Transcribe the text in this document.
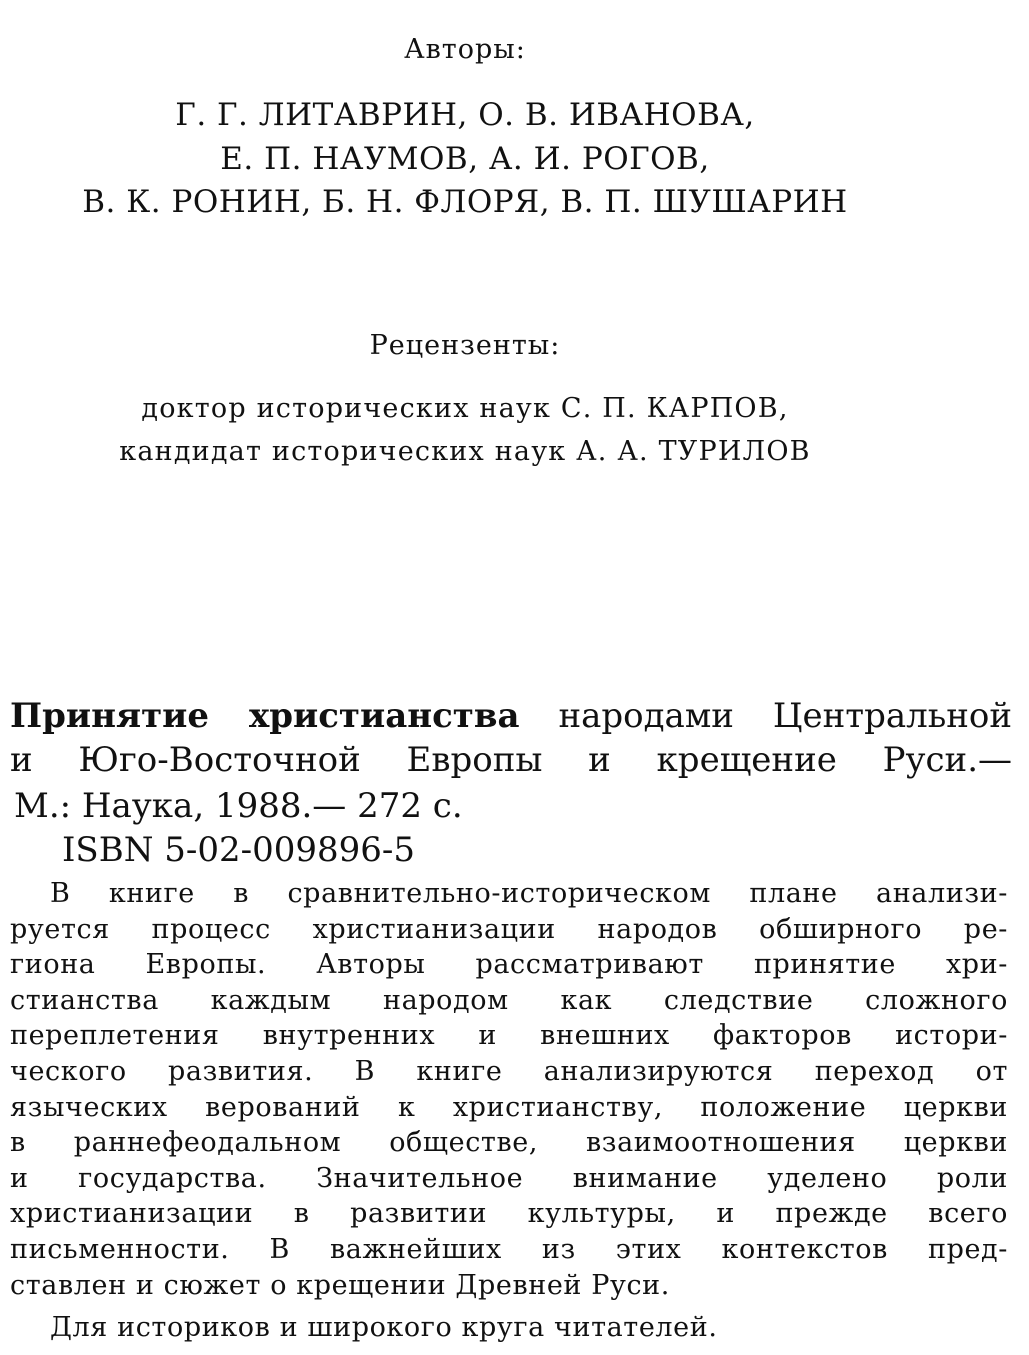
Авторы:
Г. Г. ЛИТАВРИН, О. В. ИВАНОВА,
Е. П. НАУМОВ, А. И. РОГОВ,
В. К. РОНИН, Б. Н. ФЛОРЯ, В. П. ШУШАРИН
Рецензенты:
доктор исторических наук С. П. КАРПОВ,
кандидат исторических наук А. А. ТУРИЛОВ
Принятие христианства народами Центральной
и Юго-Восточной Европы и крещение Руси.—
М.: Наука, 1988.— 272 с.
ISBN 5-02-009896-5
В книге в сравнительно-историческом плане анализи-
руется процесс христианизации народов обширного ре-
гиона Европы. Авторы рассматривают принятие хри-
стианства каждым народом как следствие сложного
переплетения внутренних и внешних факторов истори-
ческого развития. В книге анализируются переход от
языческих верований к христианству, положение церкви
в раннефеодальном обществе, взаимоотношения церкви
и государства. Значительное внимание уделено роли
христианизации в развитии культуры, и прежде всего
письменности. В важнейших из этих контекстов пред-
ставлен и сюжет о крещении Древней Руси.
Для историков и широкого круга читателей.
